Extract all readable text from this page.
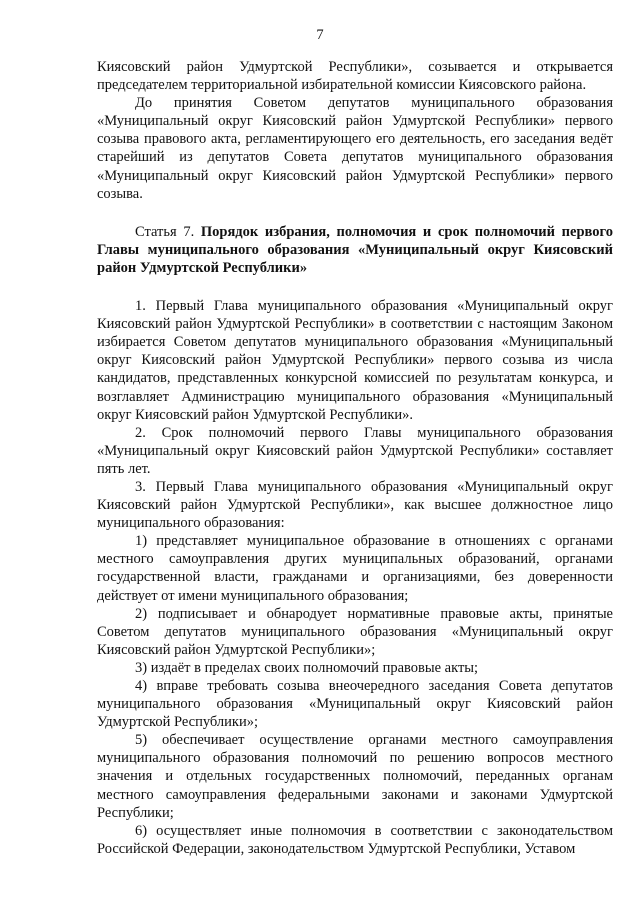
7

Киясовский район Удмуртской Республики», созывается и открывается председателем территориальной избирательной комиссии Киясовского района.

До принятия Советом депутатов муниципального образования «Муниципальный округ Киясовский район Удмуртской Республики» первого созыва правового акта, регламентирующего его деятельность, его заседания ведёт старейший из депутатов Совета депутатов муниципального образования «Муниципальный округ Киясовский район Удмуртской Республики» первого созыва.

Статья 7. Порядок избрания, полномочия и срок полномочий первого Главы муниципального образования «Муниципальный округ Киясовский район Удмуртской Республики»

1. Первый Глава муниципального образования «Муниципальный округ Киясовский район Удмуртской Республики» в соответствии с настоящим Законом избирается Советом депутатов муниципального образования «Муниципальный округ Киясовский район Удмуртской Республики» первого созыва из числа кандидатов, представленных конкурсной комиссией по результатам конкурса, и возглавляет Администрацию муниципального образования «Муниципальный округ Киясовский район Удмуртской Республики».

2. Срок полномочий первого Главы муниципального образования «Муниципальный округ Киясовский район Удмуртской Республики» составляет пять лет.

3. Первый Глава муниципального образования «Муниципальный округ Киясовский район Удмуртской Республики», как высшее должностное лицо муниципального образования:

1) представляет муниципальное образование в отношениях с органами местного самоуправления других муниципальных образований, органами государственной власти, гражданами и организациями, без доверенности действует от имени муниципального образования;

2) подписывает и обнародует нормативные правовые акты, принятые Советом депутатов муниципального образования «Муниципальный округ Киясовский район Удмуртской Республики»;

3) издаёт в пределах своих полномочий правовые акты;

4) вправе требовать созыва внеочередного заседания Совета депутатов муниципального образования «Муниципальный округ Киясовский район Удмуртской Республики»;

5) обеспечивает осуществление органами местного самоуправления муниципального образования полномочий по решению вопросов местного значения и отдельных государственных полномочий, переданных органам местного самоуправления федеральными законами и законами Удмуртской Республики;

6) осуществляет иные полномочия в соответствии с законодательством Российской Федерации, законодательством Удмуртской Республики, Уставом
